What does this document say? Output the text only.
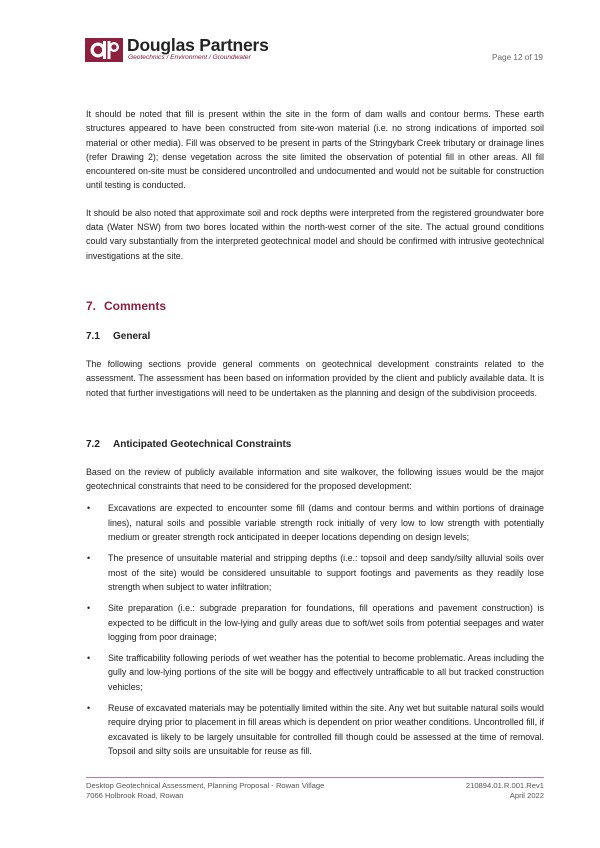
Douglas Partners
Geotechnics / Environment / Groundwater	Page 12 of 19

It should be noted that fill is present within the site in the form of dam walls and contour berms. These earth structures appeared to have been constructed from site-won material (i.e. no strong indications of imported soil material or other media). Fill was observed to be present in parts of the Stringybark Creek tributary or drainage lines (refer Drawing 2); dense vegetation across the site limited the observation of potential fill in other areas. All fill encountered on-site must be considered uncontrolled and undocumented and would not be suitable for construction until testing is conducted.

It should be also noted that approximate soil and rock depths were interpreted from the registered groundwater bore data (Water NSW) from two bores located within the north-west corner of the site. The actual ground conditions could vary substantially from the interpreted geotechnical model and should be confirmed with intrusive geotechnical investigations at the site.

7. Comments
7.1 General

The following sections provide general comments on geotechnical development constraints related to the assessment. The assessment has been based on information provided by the client and publicly available data. It is noted that further investigations will need to be undertaken as the planning and design of the subdivision proceeds.

7.2 Anticipated Geotechnical Constraints

Based on the review of publicly available information and site walkover, the following issues would be the major geotechnical constraints that need to be considered for the proposed development:

• Excavations are expected to encounter some fill (dams and contour berms and within portions of drainage lines), natural soils and possible variable strength rock initially of very low to low strength with potentially medium or greater strength rock anticipated in deeper locations depending on design levels;
• The presence of unsuitable material and stripping depths (i.e.: topsoil and deep sandy/silty alluvial soils over most of the site) would be considered unsuitable to support footings and pavements as they readily lose strength when subject to water infiltration;
• Site preparation (i.e.: subgrade preparation for foundations, fill operations and pavement construction) is expected to be difficult in the low-lying and gully areas due to soft/wet soils from potential seepages and water logging from poor drainage;
• Site trafficability following periods of wet weather has the potential to become problematic. Areas including the gully and low-lying portions of the site will be boggy and effectively untrafficable to all but tracked construction vehicles;
• Reuse of excavated materials may be potentially limited within the site. Any wet but suitable natural soils would require drying prior to placement in fill areas which is dependent on prior weather conditions. Uncontrolled fill, if excavated is likely to be largely unsuitable for controlled fill though could be assessed at the time of removal. Topsoil and silty soils are unsuitable for reuse as fill.
Desktop Geotechnical Assessment, Planning Proposal - Rowan Village
7066 Holbrook Road, Rowan
210894.01.R.001.Rev1
April 2022
